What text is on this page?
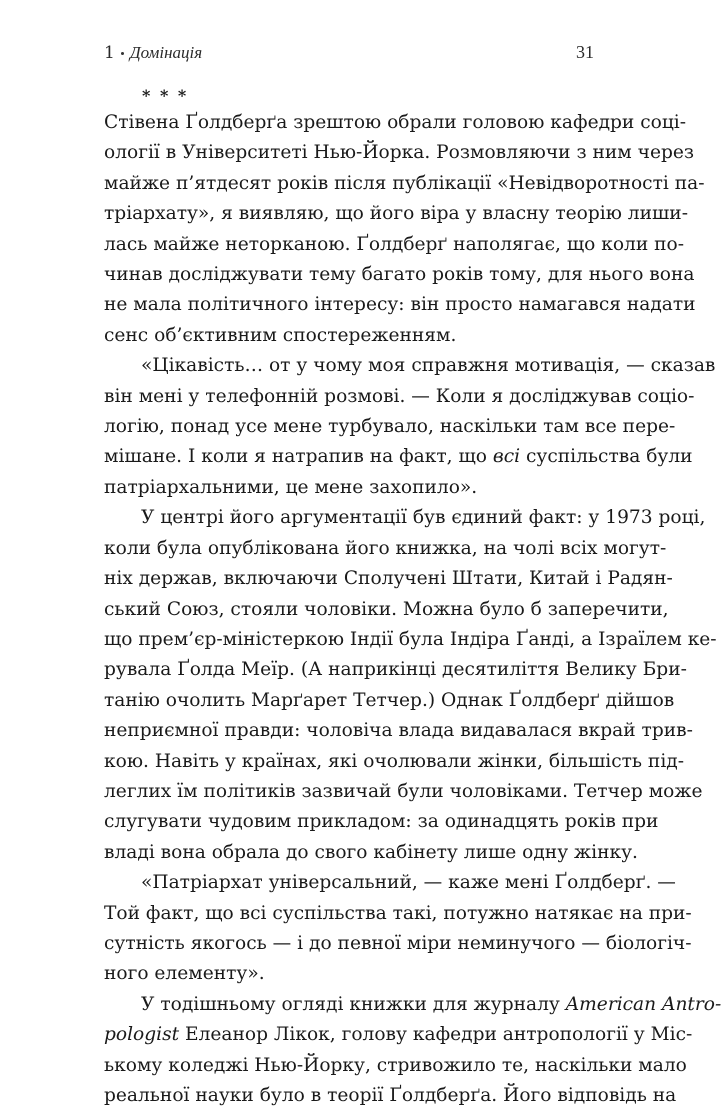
1 Домінація	31
* * *
Стівена Ґолдберґа зрештою обрали головою кафедри соці-
ології в Університеті Нью-Йорка. Розмовляючи з ним через
майже п’ятдесят років після публікації «Невідворотності па-
тріархату», я виявляю, що його віра у власну теорію лиши-
лась майже неторканою. Ґолдберґ наполягає, що коли по-
чинав досліджувати тему багато років тому, для нього вона
не мала політичного інтересу: він просто намагався надати
сенс об’єктивним спостереженням.
«Цікавість… от у чому моя справжня мотивація, — сказав
він мені у телефонній розмові. — Коли я досліджував соціо-
логію, понад усе мене турбувало, наскільки там все пере-
мішане. І коли я натрапив на факт, що всі суспільства були
патріархальними, це мене захопило».
У центрі його аргументації був єдиний факт: у 1973 році,
коли була опублікована його книжка, на чолі всіх могут-
ніх держав, включаючи Сполучені Штати, Китай і Радян-
ський Союз, стояли чоловіки. Можна було б заперечити,
що прем’єр-міністеркою Індії була Індіра Ґанді, а Ізраїлем ке-
рувала Ґолда Меїр. (А наприкінці десятиліття Велику Бри-
танію очолить Марґарет Тетчер.) Однак Ґолдберґ дійшов
неприємної правди: чоловіча влада видавалася вкрай трив-
кою. Навіть у країнах, які очолювали жінки, більшість під-
леглих їм політиків зазвичай були чоловіками. Тетчер може
слугувати чудовим прикладом: за одинадцять років при
владі вона обрала до свого кабінету лише одну жінку.
«Патріархат універсальний, — каже мені Ґолдберґ. —
Той факт, що всі суспільства такі, потужно натякає на при-
сутність якогось — і до певної міри неминучого — біологіч-
ного елементу».
У тодішньому огляді книжки для журналу American Antro-
pologist Елеанор Лікок, голову кафедри антропології у Міс-
ькому коледжі Нью-Йорку, стривожило те, наскільки мало
реальної науки було в теорії Ґолдберґа. Його відповідь на
